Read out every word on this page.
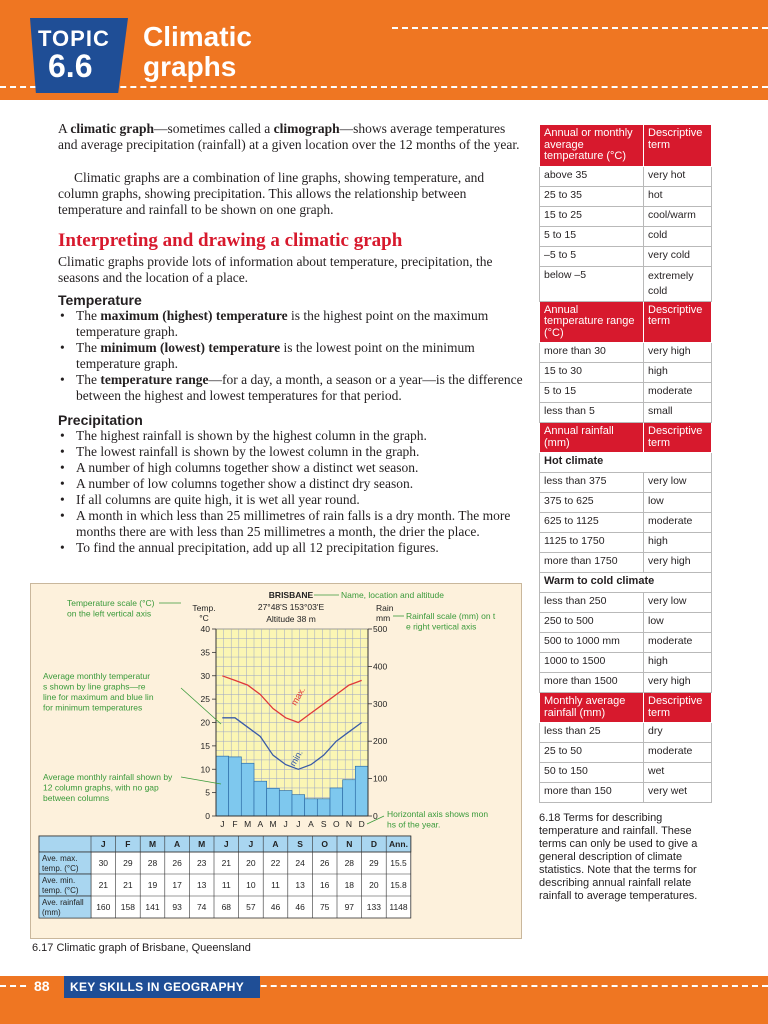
TOPIC
6.6
Climatic graphs

A climatic graph—sometimes called a climograph—shows average temperatures and average precipitation (rainfall) at a given location over the 12 months of the year.

Climatic graphs are a combination of line graphs, showing temperature, and column graphs, showing precipitation. This allows the relationship between temperature and rainfall to be shown on one graph.

Interpreting and drawing a climatic graph

Climatic graphs provide lots of information about temperature, precipitation, the seasons and the location of a place.

Temperature
• The maximum (highest) temperature is the highest point on the maximum temperature graph.
• The minimum (lowest) temperature is the lowest point on the minimum temperature graph.
• The temperature range—for a day, a month, a season or a year—is the difference between the highest and lowest temperatures for that period.
Precipitation
• The highest rainfall is shown by the highest column in the graph.
• The lowest rainfall is shown by the lowest column in the graph.
• A number of high columns together show a distinct wet season.
• A number of low columns together show a distinct dry season.
• If all columns are quite high, it is wet all year round.
• A month in which less than 25 millimetres of rain falls is a dry month. The more months there are with less than 25 millimetres a month, the drier the place.
• To find the annual precipitation, add up all 12 precipitation figures.
Annual or monthly average temperature (°C)	Descriptive term
above 35	very hot
25 to 35	hot
15 to 25	cool/warm
5 to 15	cold
–5 to 5	very cold
below –5	extremely cold
Annual temperature range (°C)	Descriptive term
more than 30	very high
15 to 30	high
5 to 15	moderate
less than 5	small
Annual rainfall (mm)	Descriptive term
Hot climate	
less than 375	very low
375 to 625	low
625 to 1125	moderate
1125 to 1750	high
more than 1750	very high
Warm to cold climate	
less than 250	very low
250 to 500	low
500 to 1000 mm	moderate
1000 to 1500	high
more than 1500	very high
Monthly average rainfall (mm)	Descriptive term
less than 25	dry
25 to 50	moderate
50 to 150	wet
more than 150	very wet
6.18 Terms for describing temperature and rainfall. These terms can only be used to give a general description of climate statistics. Note that the terms for describing annual rainfall relate rainfall to average temperatures.
max.
min.
0
5
10
15
20
25
30
35
40
Temp.
°C
0
100
200
300
400
500
Rain
mm
J F M A M J J A S O N D
BRISBANE
27°48'S 153°03'E
Altitude 38 m
Name, location and altitude
Temperature scale (°C)
on the left vertical axis	Rainfall scale (mm) on t
e right vertical axis
Average monthly temperatur
s shown by line graphs—re
line for maximum and blue lin
for minimum temperatures
Average monthly rainfall shown by
12 column graphs, with no gap
between columns
Horizontal axis shows mon
hs of the year.
J F M A M J J A S O N D Ann.
Ave. max.
temp. (°C)
30 29 28 26 23 21 20 22 24 26 28 29 15.5
Ave. min.
temp. (°C)
21 21 19 17 13 11 10 11 13 16 18 20 15.8
Ave. rainfall
(mm)
160 158 141 93 74 68 57 46 46 75 97 133 1148
6.17 Climatic graph of Brisbane, Queensland
88 KEY SKILLS IN GEOGRAPHY
